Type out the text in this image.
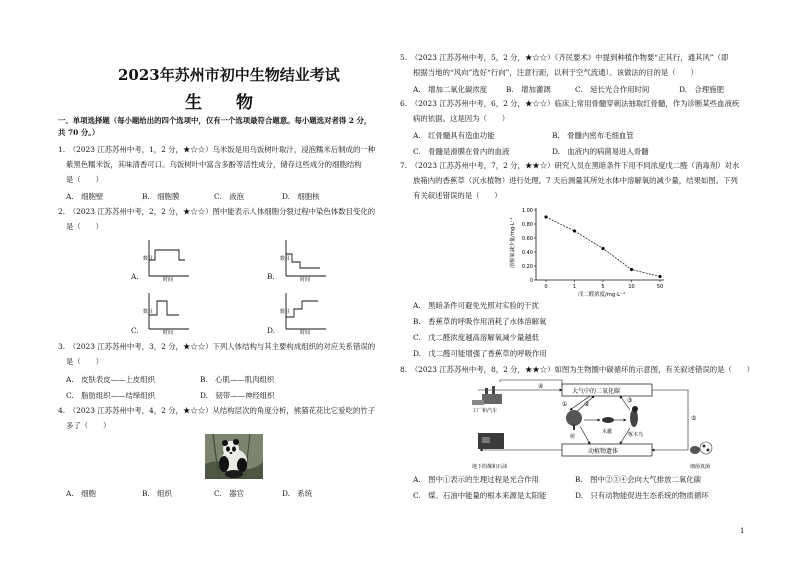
2023年苏州市初中生物结业考试
生物
一、单项选择题（每小题给出的四个选项中，仅有一个选项最符合题意。每小题选对者得 2 分，
共 70 分。）
1.　（2023 江苏苏州中考，1，2 分，★☆☆）乌米饭是用乌饭树叶取汁，浸泡糯米后制成的一种
紫黑色糯米饭，其味清香可口。乌饭树叶中富含多酚等活性成分，储存这些成分的细胞结构
是（　　）
A.　细胞壁	B.　细胞膜	C.　液泡	D.　细胞核
2.　（2023 江苏苏州中考，2，2 分，★☆☆）图中能表示人体细胞分裂过程中染色体数目变化的
是（　　）
A.
数目
时间	B.
数目
时间
C.
数目
时间	D.
数目
时间
3.　（2023 江苏苏州中考，3，2 分，★☆☆）下列人体结构与其主要构成组织的对应关系错误的
是（　　）
A.　皮肤表皮——上皮组织	B.　心肌——肌肉组织
C.　脂肪组织——结缔组织	D.　韧带——神经组织
4.　（2023 江苏苏州中考，4，2 分，★☆☆）从结构层次的角度分析，熊猫花花比它爱吃的竹子
多了（　　）
A.　细胞	B.　组织	C.　器官	D.　系统
5.　（2023 江苏苏州中考，5，2 分，★☆☆）《齐民要术》中提到种植作物要“正其行，通其风”（即
根据当地的“风向”选好“行向”，注意行距，以利于空气流通）。该做法的目的是（　　）
A.　增加二氧化碳浓度	B.　增加灌溉	C.　延长光合作用时间	D.　合理施肥
6.　（2023 江苏苏州中考，6，2 分，★☆☆）临床上常用骨髓穿刺法抽取红骨髓，作为诊断某些血液疾
病的依据。这是因为（　　）
A.　红骨髓具有造血功能	B.　骨髓内密布毛细血管
C.　骨髓是滑膜在骨内的血液	D.　血液内的病菌易进入骨髓
7.　（2023 江苏苏州中考，7，2 分，★★☆）研究人员在黑暗条件下用不同浓度戊二醛（消毒剂）对水
族箱内的香蕉草（沉水植物）进行处理。7 天后测量其所处水体中溶解氧的减少量，结果如图。下列
有关叙述错误的是（　　）
0
0.20
0.40
0.60
0.80
1.00
0	1	5	10	50
溶解氧减少量/mg·L⁻¹
戊二醛浓度/mg·L⁻¹
A.　黑暗条件可避免光照对实验的干扰
B.　香蕉草的呼吸作用消耗了水体溶解氧
C.　戊二醛浓度越高溶解氧减少量越低
D.　戊二醛可能增强了香蕉草的呼吸作用
8.　（2023 江苏苏州中考，8，2 分，★★☆）如图为生物圈中碳循环的示意图，有关叙述错误的是（　　）
大气中的二氧化碳
动植物遗体
④
①	②
③
⑤
工厂和汽车
树
木蠹	啄木鸟
地下的煤和石油	细菌真菌
A.　图中①表示的生理过程是光合作用	B.　图中②③④会向大气排放二氧化碳
C.　煤、石油中能量的根本来源是太阳能	D.　只有动物能促进生态系统的物质循环
1
